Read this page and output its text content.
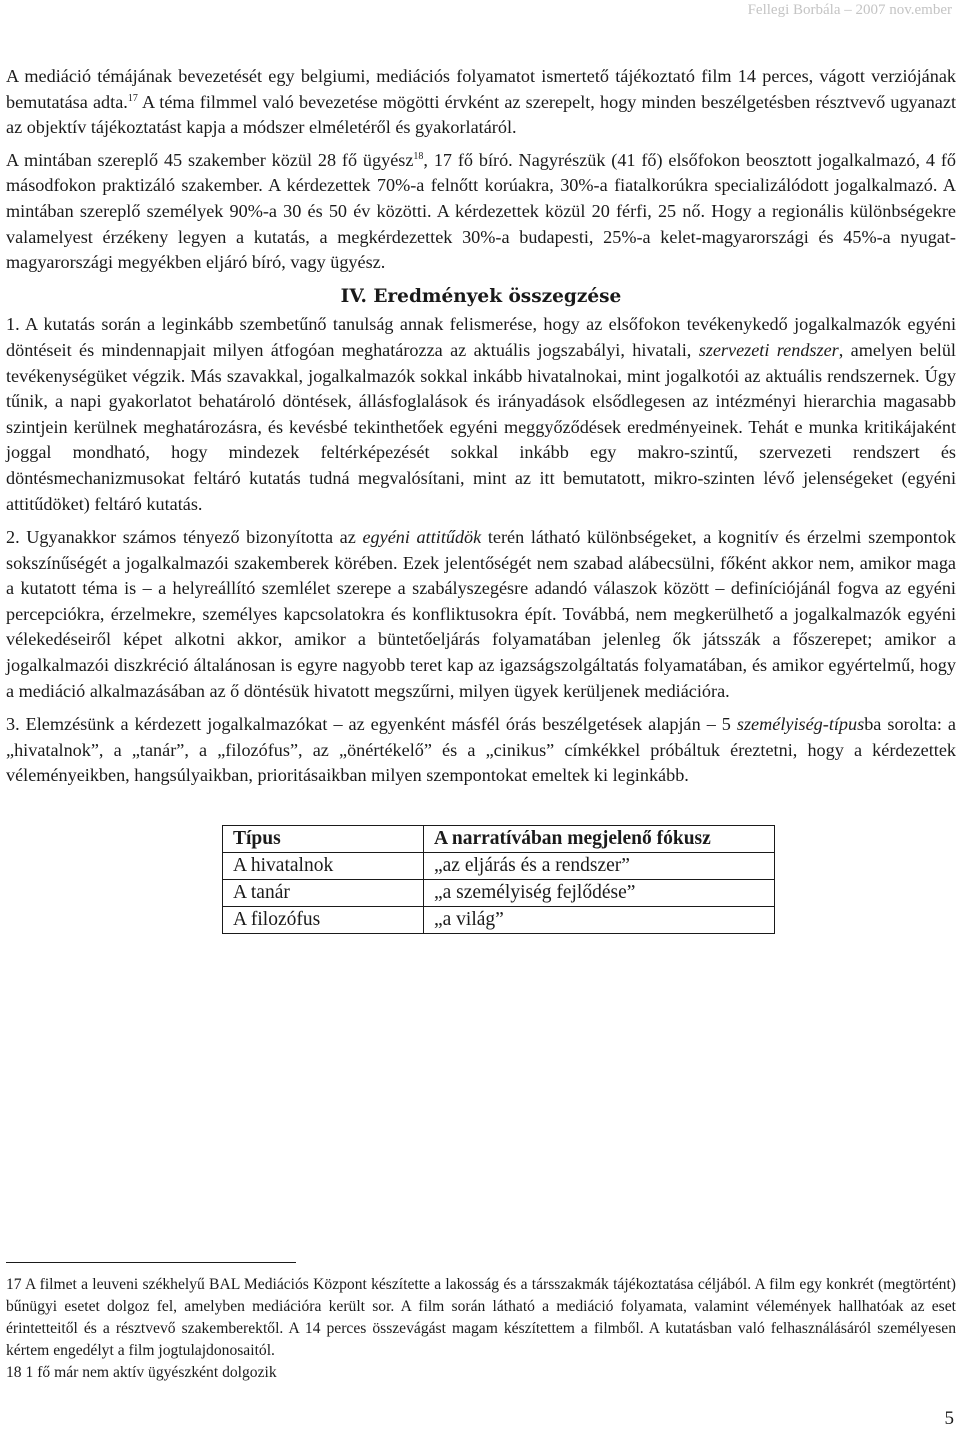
Fellegi Borbála – 2007 nov.ember

A mediáció témájának bevezetését egy belgiumi, mediációs folyamatot ismertető tájékoztató film 14 perces, vágott verziójának bemutatása adta.$^{17}$ A téma filmmel való bevezetése mögötti érvként az szerepelt, hogy minden beszélgetésben résztvevő ugyanazt az objektív tájékoztatást kapja a módszer elméletéről és gyakorlatáról.

A mintában szereplő 45 szakember közül 28 fő ügyész$^{18}$, 17 fő bíró. Nagyrészük (41 fő) elsőfokon beosztott jogalkalmazó, 4 fő másodfokon praktizáló szakember. A kérdezettek 70%-a felnőtt korúakra, 30%-a fiatalkorúkra specializálódott jogalkalmazó. A mintában szereplő személyek 90%-a 30 és 50 év közötti. A kérdezettek közül 20 férfi, 25 nő. Hogy a regionális különbségekre valamelyest érzékeny legyen a kutatás, a megkérdezettek 30%-a budapesti, 25%-a kelet-magyarországi és 45%-a nyugat-magyarországi megyékben eljáró bíró, vagy ügyész.

IV. Eredmények összegzése

1. A kutatás során a leginkább szembetűnő tanulság annak felismerése, hogy az elsőfokon tevékenykedő jogalkalmazók egyéni döntéseit és mindennapjait milyen átfogóan meghatározza az aktuális jogszabályi, hivatali, szervezeti rendszer, amelyen belül tevékenységüket végzik. Más szavakkal, jogalkalmazók sokkal inkább hivatalnokai, mint jogalkotói az aktuális rendszernek. Úgy tűnik, a napi gyakorlatot behatároló döntések, állásfoglalások és irányadások elsődlegesen az intézményi hierarchia magasabb szintjein kerülnek meghatározásra, és kevésbé tekinthetőek egyéni meggyőződések eredményeinek. Tehát e munka kritikájaként joggal mondható, hogy mindezek feltérképezését sokkal inkább egy makro-szintű, szervezeti rendszert és döntésmechanizmusokat feltáró kutatás tudná megvalósítani, mint az itt bemutatott, mikro-szinten lévő jelenségeket (egyéni attitűdöket) feltáró kutatás.

2. Ugyanakkor számos tényező bizonyította az egyéni attitűdök terén látható különbségeket, a kognitív és érzelmi szempontok sokszínűségét a jogalkalmazói szakemberek körében. Ezek jelentőségét nem szabad alábecsülni, főként akkor nem, amikor maga a kutatott téma is – a helyreállító szemlélet szerepe a szabályszegésre adandó válaszok között – definíciójánál fogva az egyéni percepciókra, érzelmekre, személyes kapcsolatokra és konfliktusokra épít. Továbbá, nem megkerülhető a jogalkalmazók egyéni vélekedéseiről képet alkotni akkor, amikor a büntetőeljárás folyamatában jelenleg ők játsszák a főszerepet; amikor a jogalkalmazói diszkréció általánosan is egyre nagyobb teret kap az igazságszolgáltatás folyamatában, és amikor egyértelmű, hogy a mediáció alkalmazásában az ő döntésük hivatott megszűrni, milyen ügyek kerüljenek mediációra.

3. Elemzésünk a kérdezett jogalkalmazókat – az egyenként másfél órás beszélgetések alapján – 5 személyiség-típusba sorolta: a „hivatalnok”, a „tanár”, a „filozófus”, az „önértékelő” és a „cinikus” címkékkel próbáltuk éreztetni, hogy a kérdezettek véleményeikben, hangsúlyaikban, prioritásaikban milyen szempontokat emeltek ki leginkább.

Típus	A narratívában megjelenő fókusz
A hivatalnok	„az eljárás és a rendszer”
A tanár	„a személyiség fejlődése”
A filozófus	„a világ”

17 A filmet a leuveni székhelyű BAL Mediációs Központ készítette a lakosság és a társszakmák tájékoztatása céljából. A film egy konkrét (megtörtént) bűnügyi esetet dolgoz fel, amelyben mediációra került sor. A film során látható a mediáció folyamata, valamint vélemények hallhatóak az eset érintetteitől és a résztvevő szakemberektől. A 14 perces összevágást magam készítettem a filmből. A kutatásban való felhasználásáról személyesen kértem engedélyt a film jogtulajdonosaitól.

18 1 fő már nem aktív ügyészként dolgozik

5
